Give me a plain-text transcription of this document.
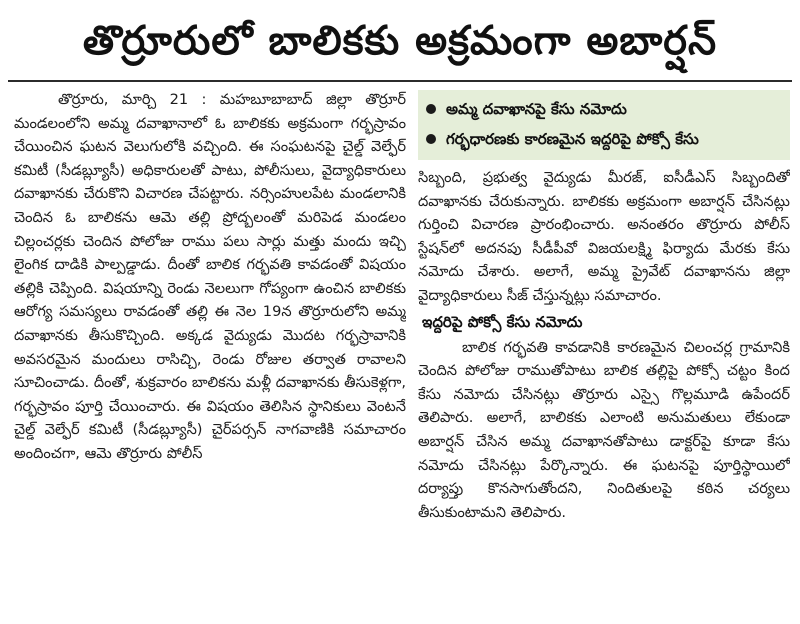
తొర్రూరులో బాలికకు అక్రమంగా అబార్షన్

తొర్రూరు, మార్చి 21 : మహబూబాబాద్ జిల్లా తొర్రూర్ మండలంలోని అమ్మ దవాఖానాలో ఓ బాలికకు అక్రమంగా గర్భస్రావం చేయించిన ఘటన వెలుగులోకి వచ్చింది. ఈ సంఘటనపై చైల్డ్ వెల్ఫేర్ కమిటీ (సీడబ్ల్యూసీ) అధికారులతో పాటు, పోలీసులు, వైద్యాధికారులు దవాఖానకు చేరుకొని విచారణ చేపట్టారు. నర్సింహులపేట మండలానికి చెందిన ఓ బాలికను ఆమె తల్లి ప్రోద్బలంతో మరిపెడ మండలం చిల్లంచర్లకు చెందిన పోలోజు రాము పలు సార్లు మత్తు మందు ఇచ్చి లైంగిక దాడికి పాల్పడ్డాడు. దీంతో బాలిక గర్భవతి కావడంతో విషయం తల్లికి చెప్పింది. విషయాన్ని రెండు నెలలుగా గోప్యంగా ఉంచిన బాలికకు ఆరోగ్య సమస్యలు రావడంతో తల్లి ఈ నెల 19న తొర్రూరులోని అమ్మ దవాఖానకు తీసుకొచ్చింది. అక్కడ వైద్యుడు మొదట గర్భస్రావానికి అవసరమైన మందులు రాసిచ్చి, రెండు రోజుల తర్వాత రావాలని సూచించాడు. దీంతో, శుక్రవారం బాలికను మళ్లీ దవాఖానకు తీసుకెళ్లగా, గర్భస్రావం పూర్తి చేయించారు. ఈ విషయం తెలిసిన స్థానికులు వెంటనే చైల్డ్ వెల్ఫేర్ కమిటీ (సీడబ్ల్యూసీ) చైర్‌పర్సన్ నాగవాణికి సమాచారం అందించగా, ఆమె తొర్రూరు పోలీస్

అమ్మ దవాఖానపై కేసు నమోదు
గర్భధారణకు కారణమైన ఇద్దరిపై పోక్సో కేసు

సిబ్బంది, ప్రభుత్వ వైద్యుడు మీరజ్, ఐసీడీఎస్ సిబ్బందితో దవాఖానకు చేరుకున్నారు. బాలికకు అక్రమంగా అబార్షన్ చేసినట్లు గుర్తించి విచారణ ప్రారంభించారు. అనంతరం తొర్రూరు పోలీస్ స్టేషన్‌లో అదనపు సీడీపీవో విజయలక్ష్మి ఫిర్యాదు మేరకు కేసు నమోదు చేశారు. అలాగే, అమ్మ ప్రైవేట్ దవాఖానను జిల్లా వైద్యాధికారులు సీజ్ చేస్తున్నట్లు సమాచారం.

ఇద్దరిపై పోక్సో కేసు నమోదు

బాలిక గర్భవతి కావడానికి కారణమైన చిలంచర్ల గ్రామానికి చెందిన పోలోజు రాముతోపాటు బాలిక తల్లిపై పోక్సో చట్టం కింద కేసు నమోదు చేసినట్లు తొర్రూరు ఎస్సై గొల్లమూడి ఉపేందర్ తెలిపారు. అలాగే, బాలికకు ఎలాంటి అనుమతులు లేకుండా అబార్షన్ చేసిన అమ్మ దవాఖానతోపాటు డాక్టర్‌పై కూడా కేసు నమోదు చేసినట్లు పేర్కొన్నారు. ఈ ఘటనపై పూర్తిస్థాయిలో దర్యాప్తు కొనసాగుతోందని, నిందితులపై కఠిన చర్యలు తీసుకుంటామని తెలిపారు.
